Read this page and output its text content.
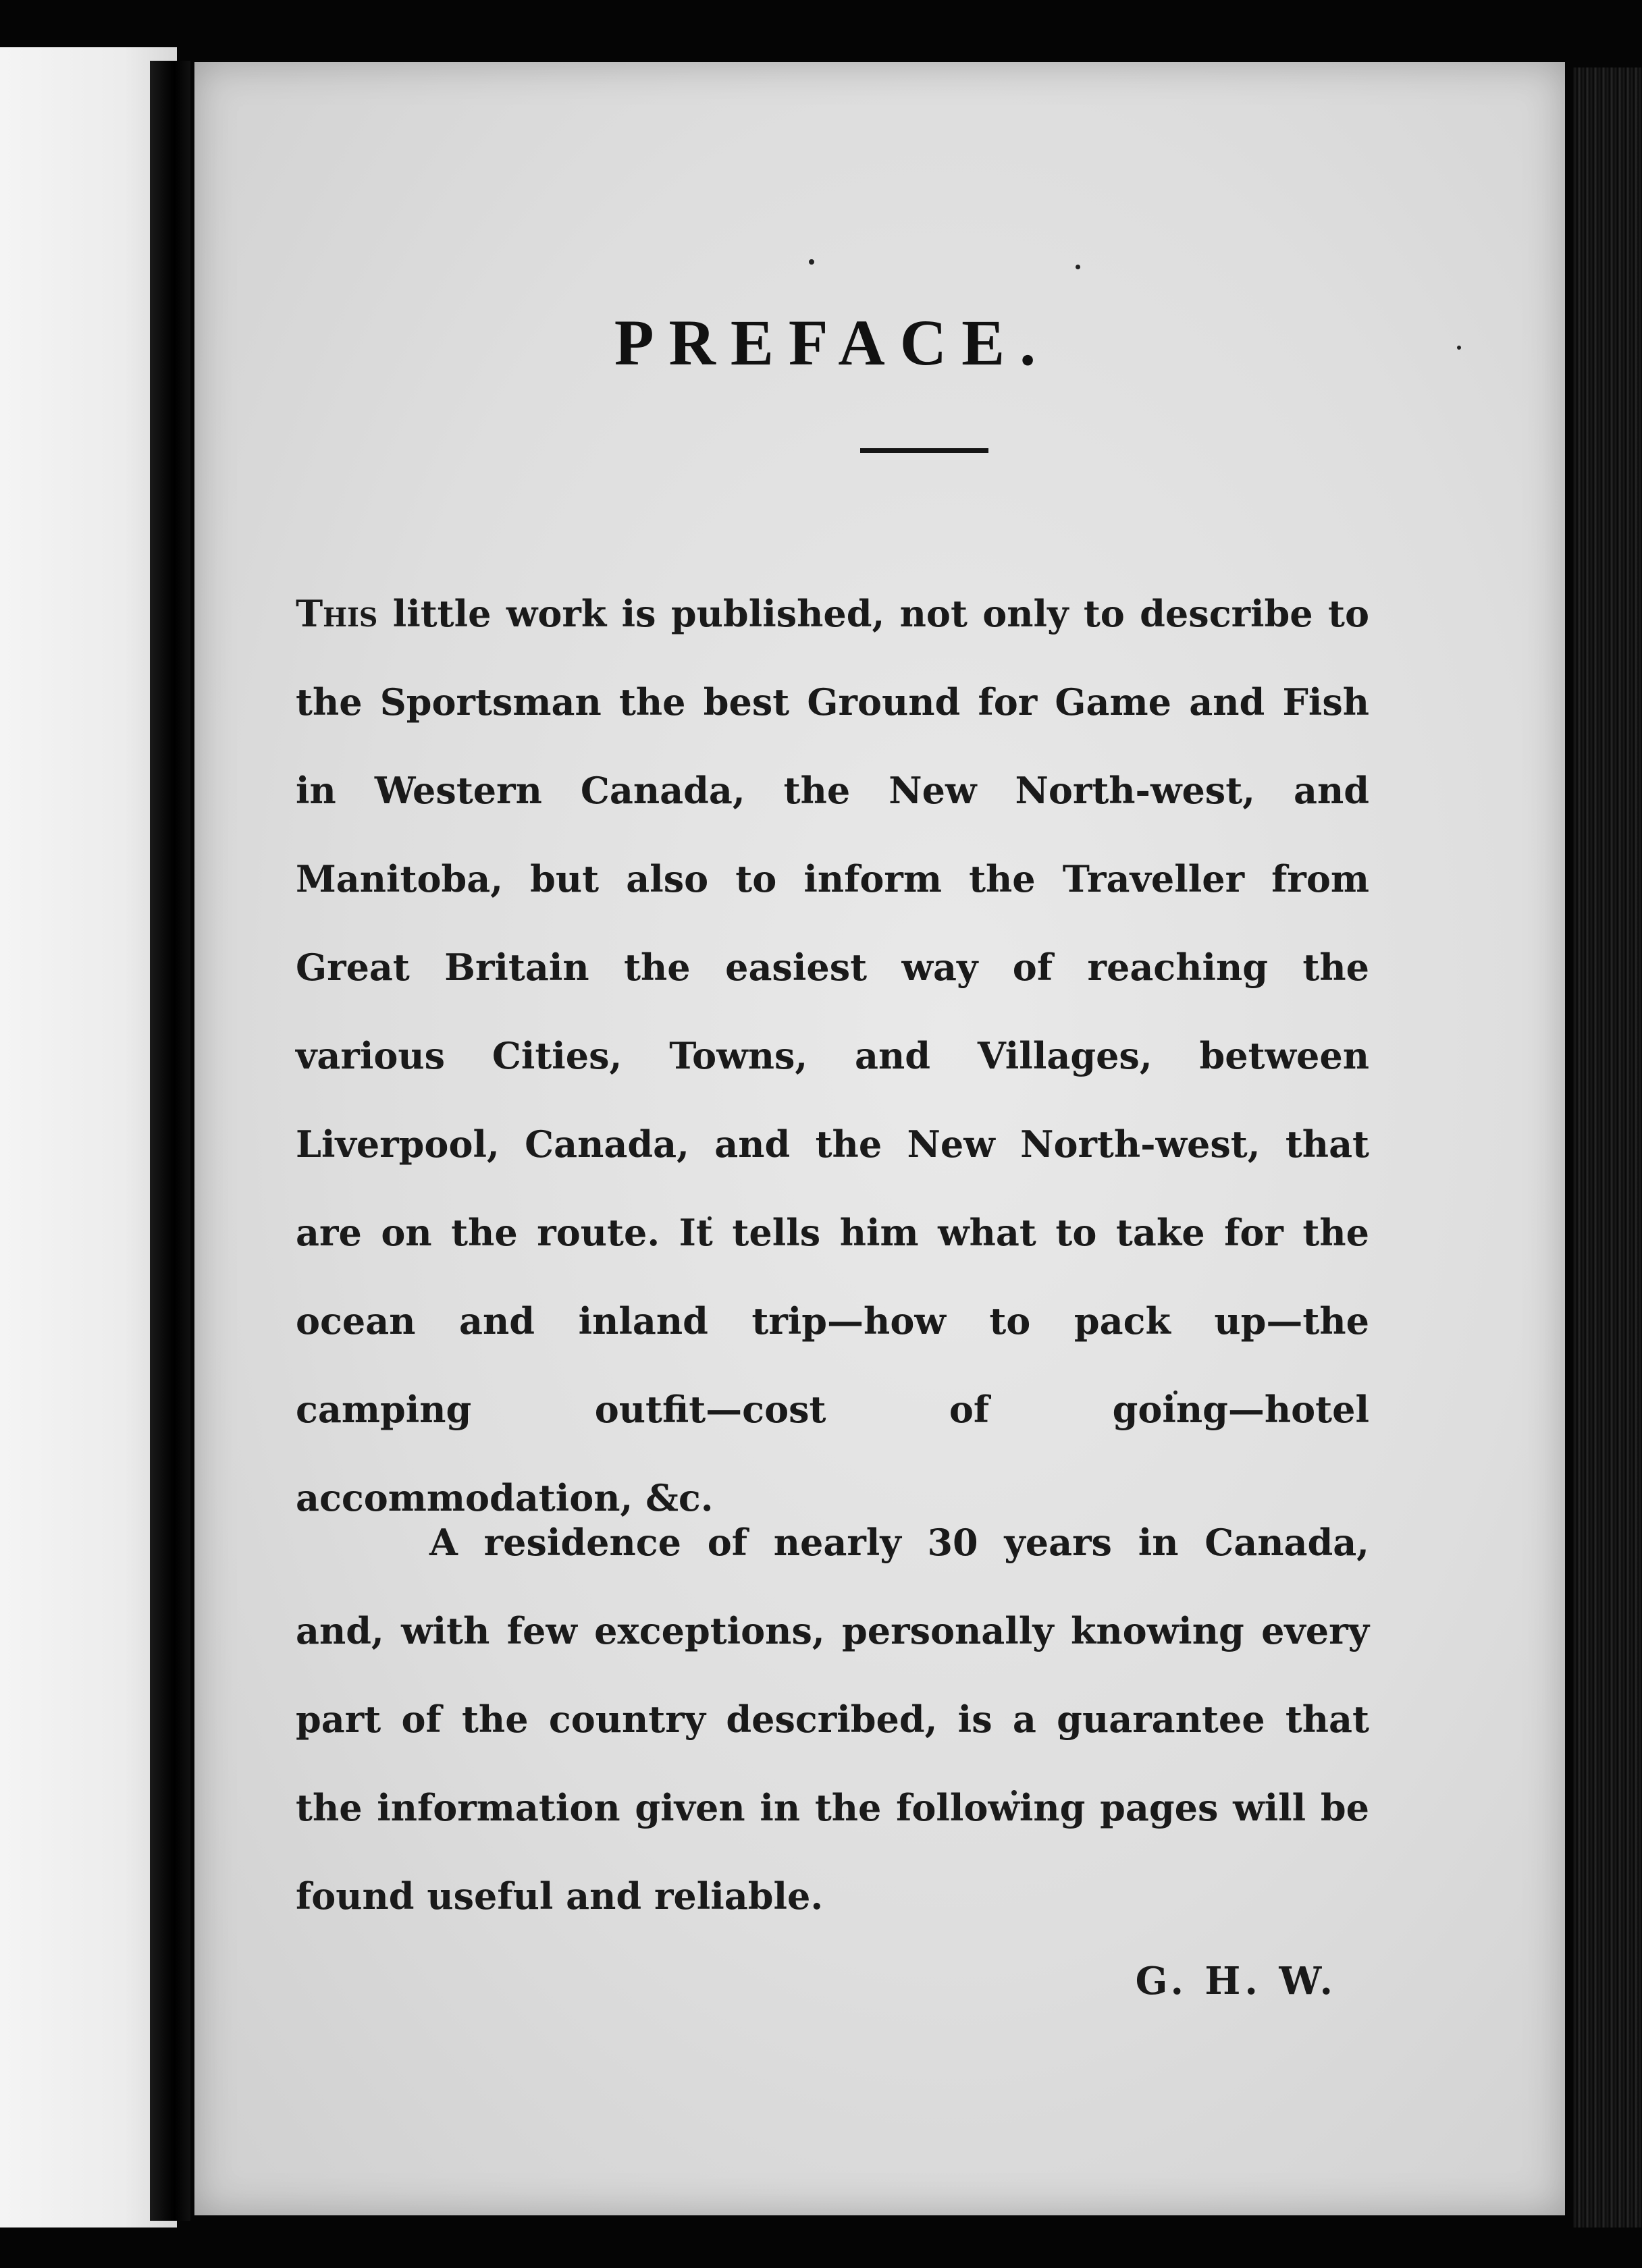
PREFACE.

This little work is published, not only to describe to the Sportsman the best Ground for Game and Fish in Western Canada, the New North-west, and Manitoba, but also to inform the Traveller from Great Britain the easiest way of reaching the various Cities, Towns, and Villages, between Liverpool, Canada, and the New North-west, that are on the route. It tells him what to take for the ocean and inland trip—how to pack up—the camping outfit—cost of going—hotel accommodation, &c.

A residence of nearly 30 years in Canada, and, with few exceptions, personally knowing every part of the country described, is a guarantee that the information given in the following pages will be found useful and reliable.

G. H. W.
